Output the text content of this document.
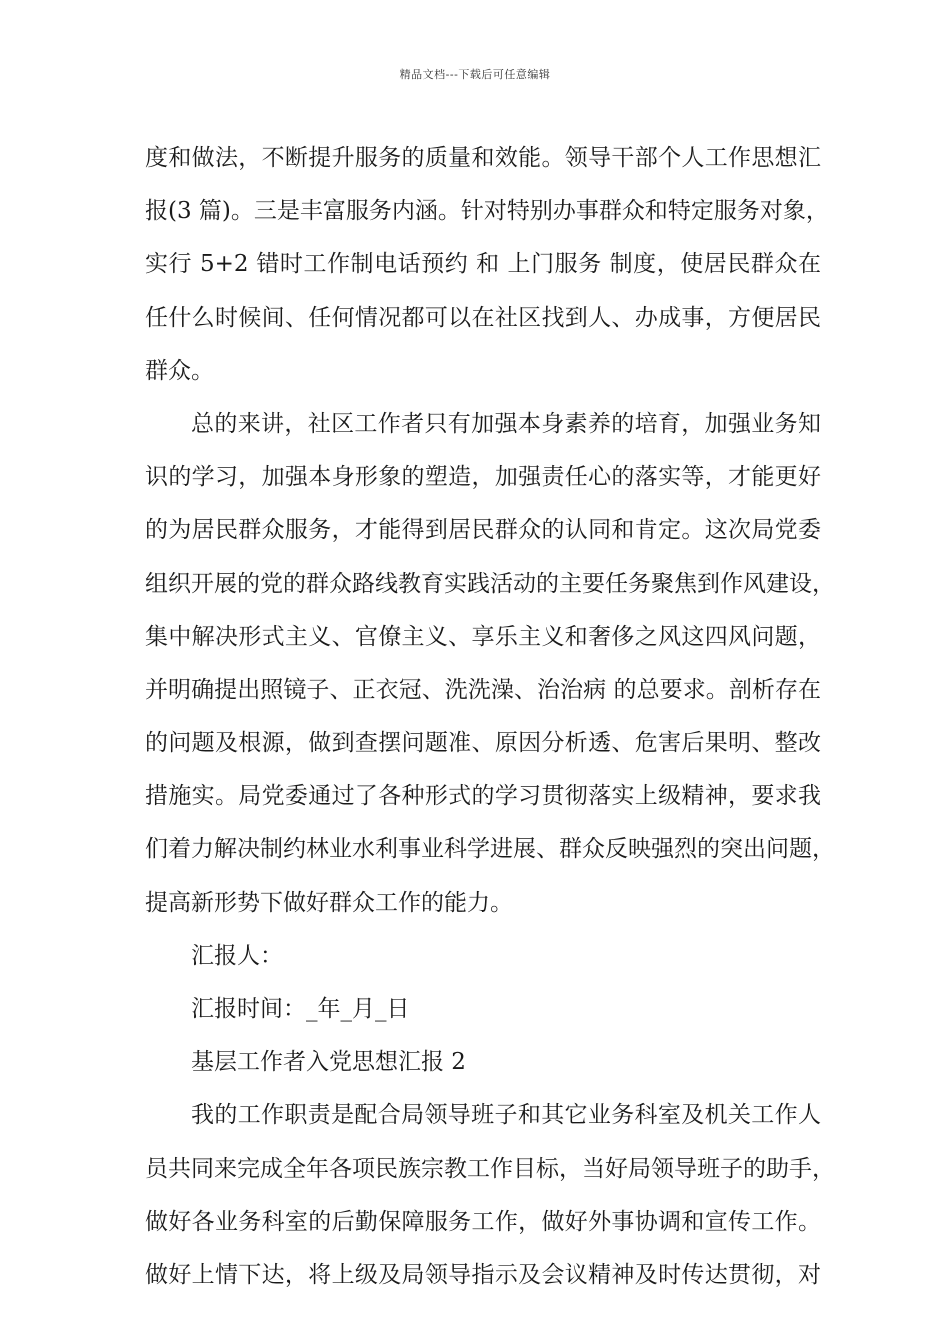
精品文档---下载后可任意编辑
度和做法，不断提升服务的质量和效能。领导干部个人工作思想汇
报(3 篇)。三是丰富服务内涵。针对特别办事群众和特定服务对象，
实行 5+2 错时工作制电话预约 和 上门服务 制度，使居民群众在
任什么时候间、任何情况都可以在社区找到人、办成事，方便居民
群众。
总的来讲，社区工作者只有加强本身素养的培育，加强业务知
识的学习，加强本身形象的塑造，加强责任心的落实等，才能更好
的为居民群众服务，才能得到居民群众的认同和肯定。这次局党委
组织开展的党的群众路线教育实践活动的主要任务聚焦到作风建设，
集中解决形式主义、官僚主义、享乐主义和奢侈之风这四风问题，
并明确提出照镜子、正衣冠、洗洗澡、治治病 的总要求。剖析存在
的问题及根源，做到查摆问题准、原因分析透、危害后果明、整改
措施实。局党委通过了各种形式的学习贯彻落实上级精神，要求我
们着力解决制约林业水利事业科学进展、群众反映强烈的突出问题，
提高新形势下做好群众工作的能力。
汇报人：
汇报时间：_年_月_日
基层工作者入党思想汇报 2
我的工作职责是配合局领导班子和其它业务科室及机关工作人
员共同来完成全年各项民族宗教工作目标，当好局领导班子的助手，
做好各业务科室的后勤保障服务工作，做好外事协调和宣传工作。
做好上情下达，将上级及局领导指示及会议精神及时传达贯彻，对
